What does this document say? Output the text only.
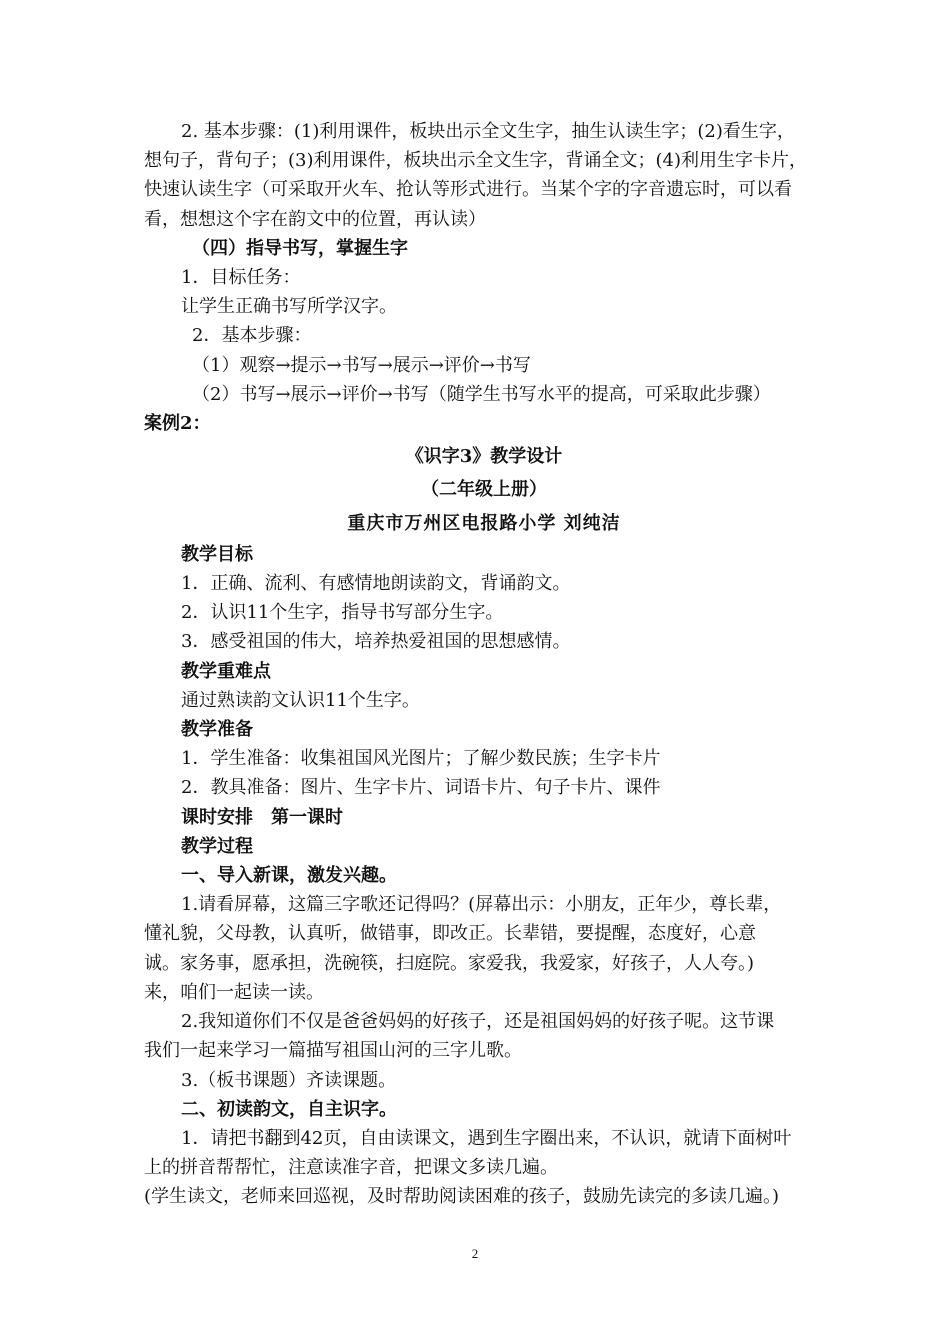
2. 基本步骤：(1)利用课件，板块出示全文生字，抽生认读生字；(2)看生字，
想句子，背句子；(3)利用课件，板块出示全文生字，背诵全文；(4)利用生字卡片，
快速认读生字（可采取开火车、抢认等形式进行。当某个字的字音遗忘时，可以看
看，想想这个字在韵文中的位置，再认读）
（四）指导书写，掌握生字
1．目标任务：
让学生正确书写所学汉字。
2．基本步骤：
（1）观察→提示→书写→展示→评价→书写
（2）书写→展示→评价→书写（随学生书写水平的提高，可采取此步骤）
案例2：
《识字3》教学设计
（二年级上册）
重庆市万州区电报路小学 刘纯洁
教学目标
1．正确、流利、有感情地朗读韵文，背诵韵文。
2．认识11个生字，指导书写部分生字。
3．感受祖国的伟大，培养热爱祖国的思想感情。
教学重难点
通过熟读韵文认识11个生字。
教学准备
1．学生准备：收集祖国风光图片；了解少数民族；生字卡片
2．教具准备：图片、生字卡片、词语卡片、句子卡片、课件
课时安排　第一课时
教学过程
一、导入新课，激发兴趣。
1.请看屏幕，这篇三字歌还记得吗？(屏幕出示：小朋友，正年少，尊长辈，
懂礼貌，父母教，认真听，做错事，即改正。长辈错，要提醒，态度好，心意
诚。家务事，愿承担，洗碗筷，扫庭院。家爱我，我爱家，好孩子，人人夸。)
来，咱们一起读一读。
2.我知道你们不仅是爸爸妈妈的好孩子，还是祖国妈妈的好孩子呢。这节课
我们一起来学习一篇描写祖国山河的三字儿歌。
3.（板书课题）齐读课题。
二、初读韵文，自主识字。
1．请把书翻到42页，自由读课文，遇到生字圈出来，不认识，就请下面树叶
上的拼音帮帮忙，注意读准字音，把课文多读几遍。
(学生读文，老师来回巡视，及时帮助阅读困难的孩子，鼓励先读完的多读几遍。)
2
